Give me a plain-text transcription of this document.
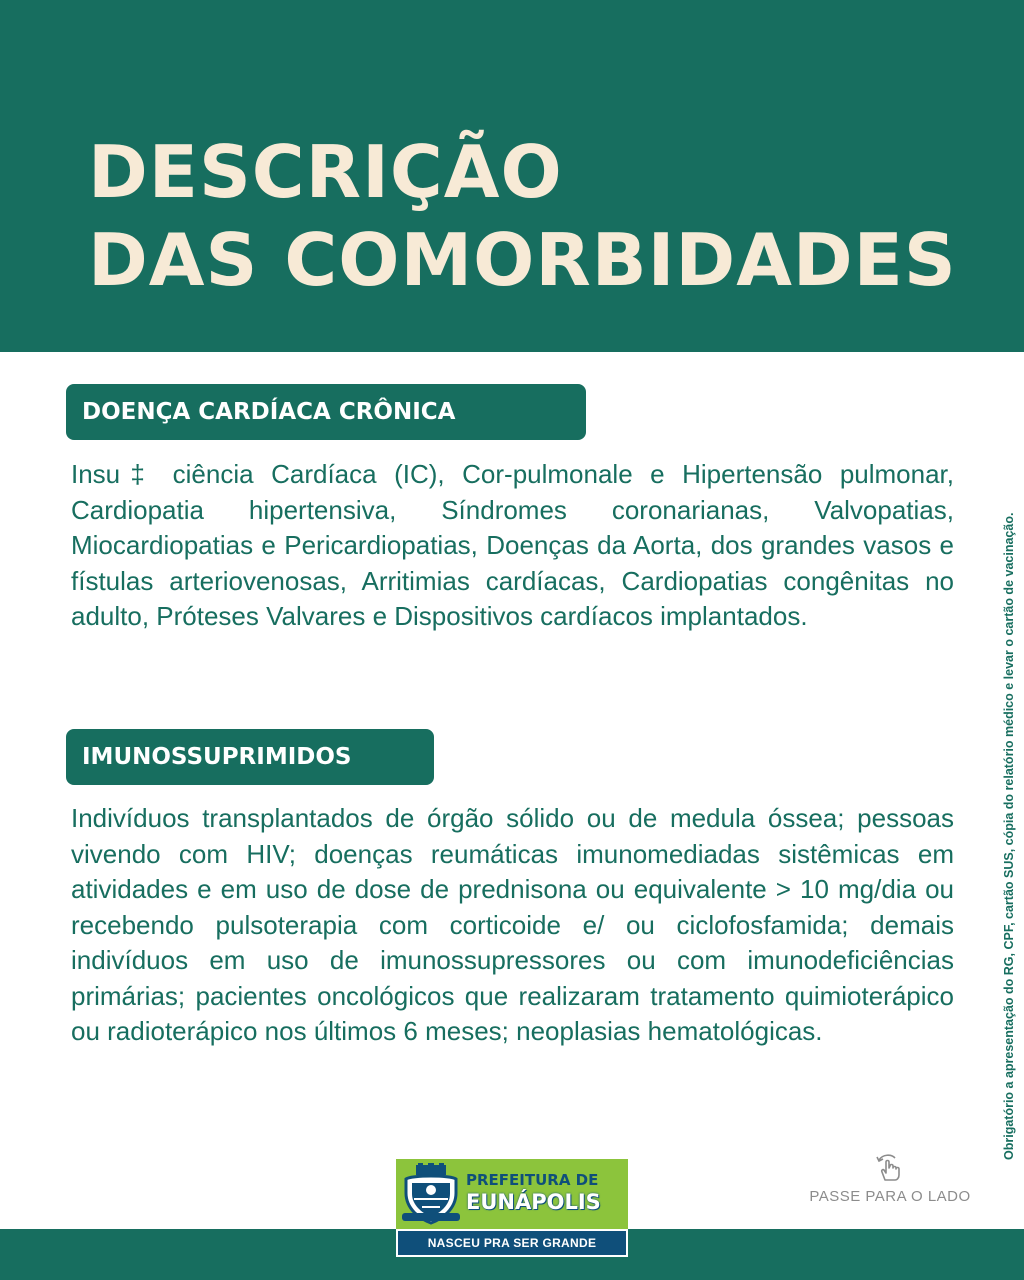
DESCRIÇÃO
DAS COMORBIDADES
DOENÇA CARDÍACA CRÔNICA

Insu‡ ciência Cardíaca (IC), Cor-pulmonale e Hipertensão pulmonar, Cardiopatia hipertensiva, Síndromes coronarianas, Valvopatias, Miocardiopatias e Pericardiopatias, Doenças da Aorta, dos grandes vasos e fístulas arteriovenosas, Arritimias cardíacas, Cardiopatias congênitas no adulto, Próteses Valvares e Dispositivos cardíacos implantados.

IMUNOSSUPRIMIDOS

Indivíduos transplantados de órgão sólido ou de medula óssea; pessoas vivendo com HIV; doenças reumáticas imunomediadas sistêmicas em atividades e em uso de dose de prednisona ou equivalente > 10 mg/dia ou recebendo pulsoterapia com corticoide e/ ou ciclofosfamida; demais indivíduos em uso de imunossupressores ou com imunodeficiências primárias; pacientes oncológicos que realizaram tratamento quimioterápico ou radioterápico nos últimos 6 meses; neoplasias hematológicas.	Obrigatório a apresentação do RG, CPF, cartão SUS, cópia do relatório médico e levar o cartão de vacinação.
PASSE PARA O LADO
PREFEITURA DE
EUNÁPOLIS
NASCEU PRA SER GRANDE
